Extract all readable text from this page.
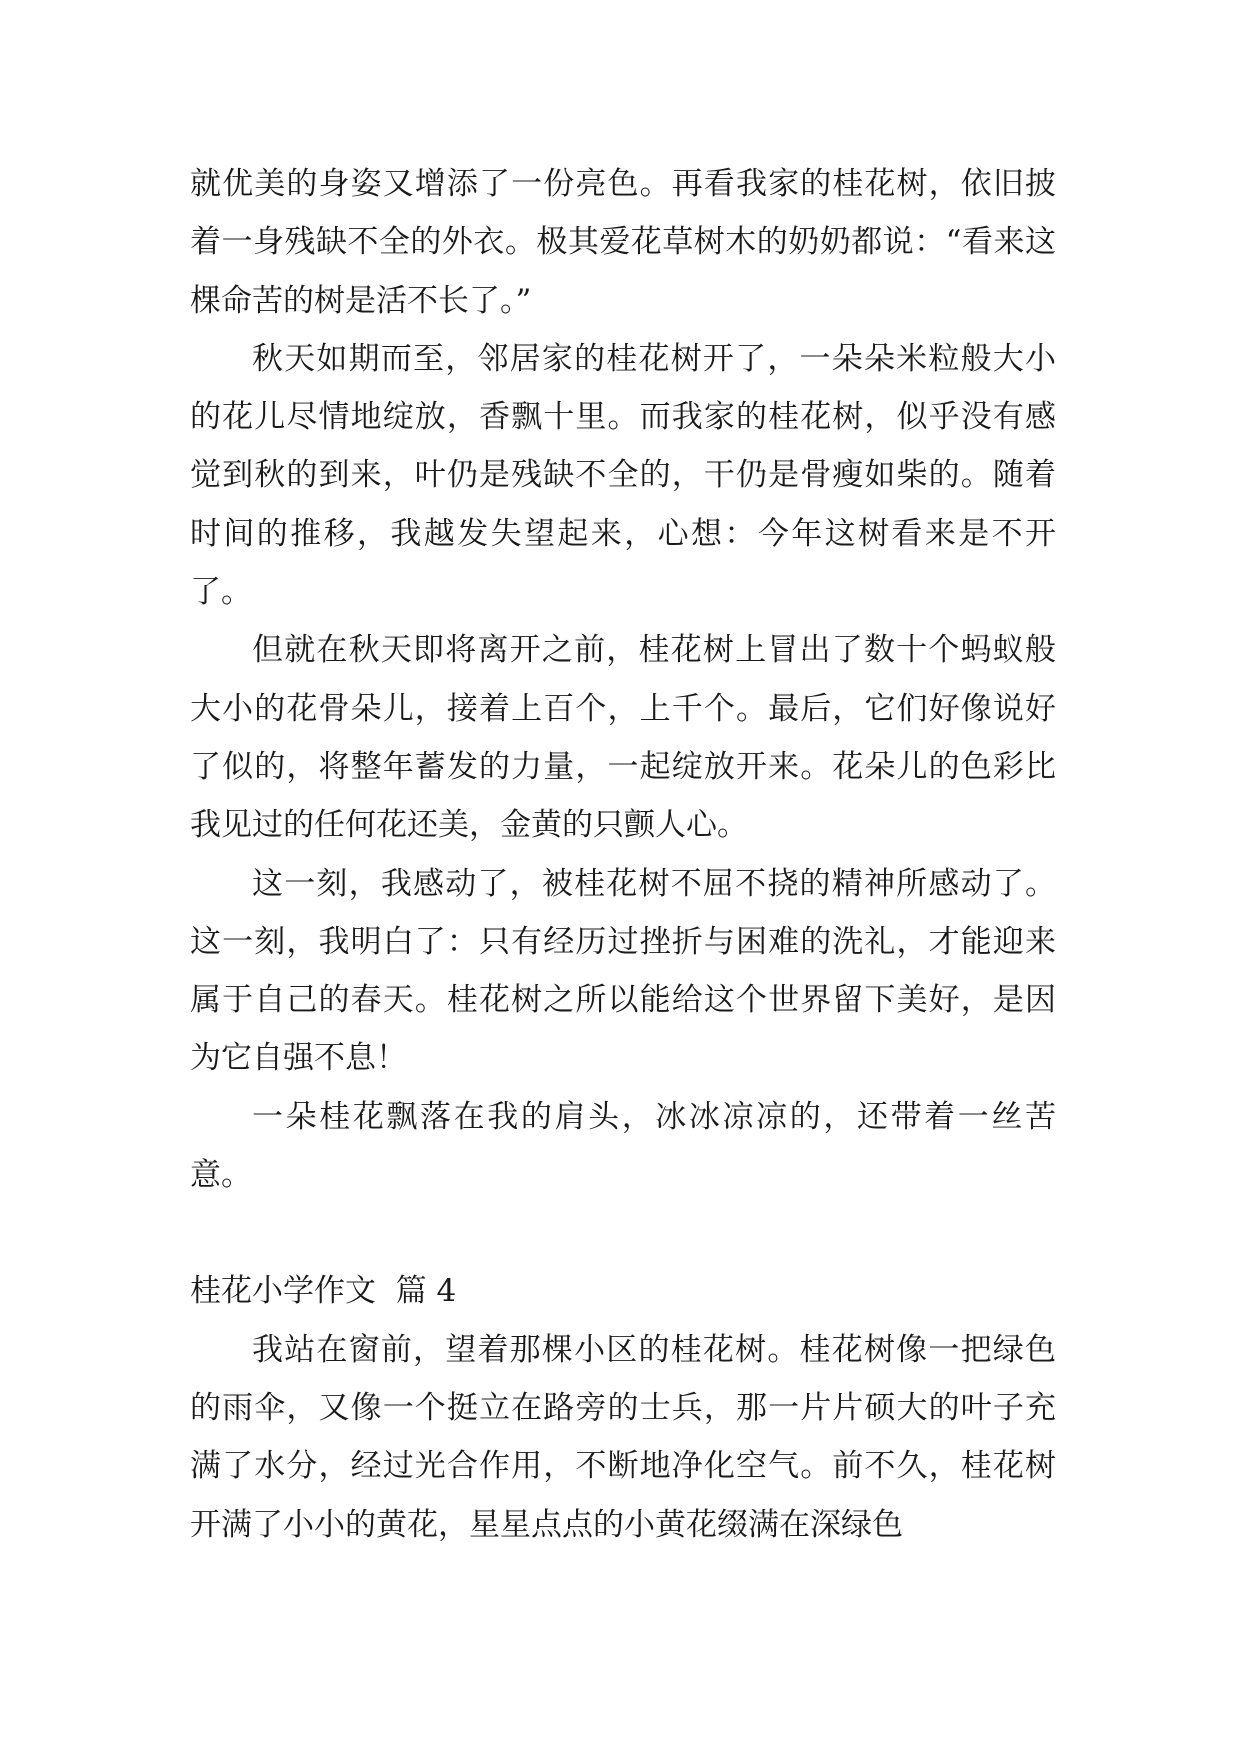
就优美的身姿又增添了一份亮色。再看我家的桂花树，依旧披着一身残缺不全的外衣。极其爱花草树木的奶奶都说：“看来这棵命苦的树是活不长了。”

秋天如期而至，邻居家的桂花树开了，一朵朵米粒般大小的花儿尽情地绽放，香飘十里。而我家的桂花树，似乎没有感觉到秋的到来，叶仍是残缺不全的，干仍是骨瘦如柴的。随着时间的推移，我越发失望起来，心想：今年这树看来是不开了。

但就在秋天即将离开之前，桂花树上冒出了数十个蚂蚁般大小的花骨朵儿，接着上百个，上千个。最后，它们好像说好了似的，将整年蓄发的力量，一起绽放开来。花朵儿的色彩比我见过的任何花还美，金黄的只颤人心。

这一刻，我感动了，被桂花树不屈不挠的精神所感动了。这一刻，我明白了：只有经历过挫折与困难的洗礼，才能迎来属于自己的春天。桂花树之所以能给这个世界留下美好，是因为它自强不息！

一朵桂花飘落在我的肩头，冰冰凉凉的，还带着一丝苦意。

桂花小学作文  篇 4

我站在窗前，望着那棵小区的桂花树。桂花树像一把绿色的雨伞，又像一个挺立在路旁的士兵，那一片片硕大的叶子充满了水分，经过光合作用，不断地净化空气。前不久，桂花树开满了小小的黄花，星星点点的小黄花缀满在深绿色
